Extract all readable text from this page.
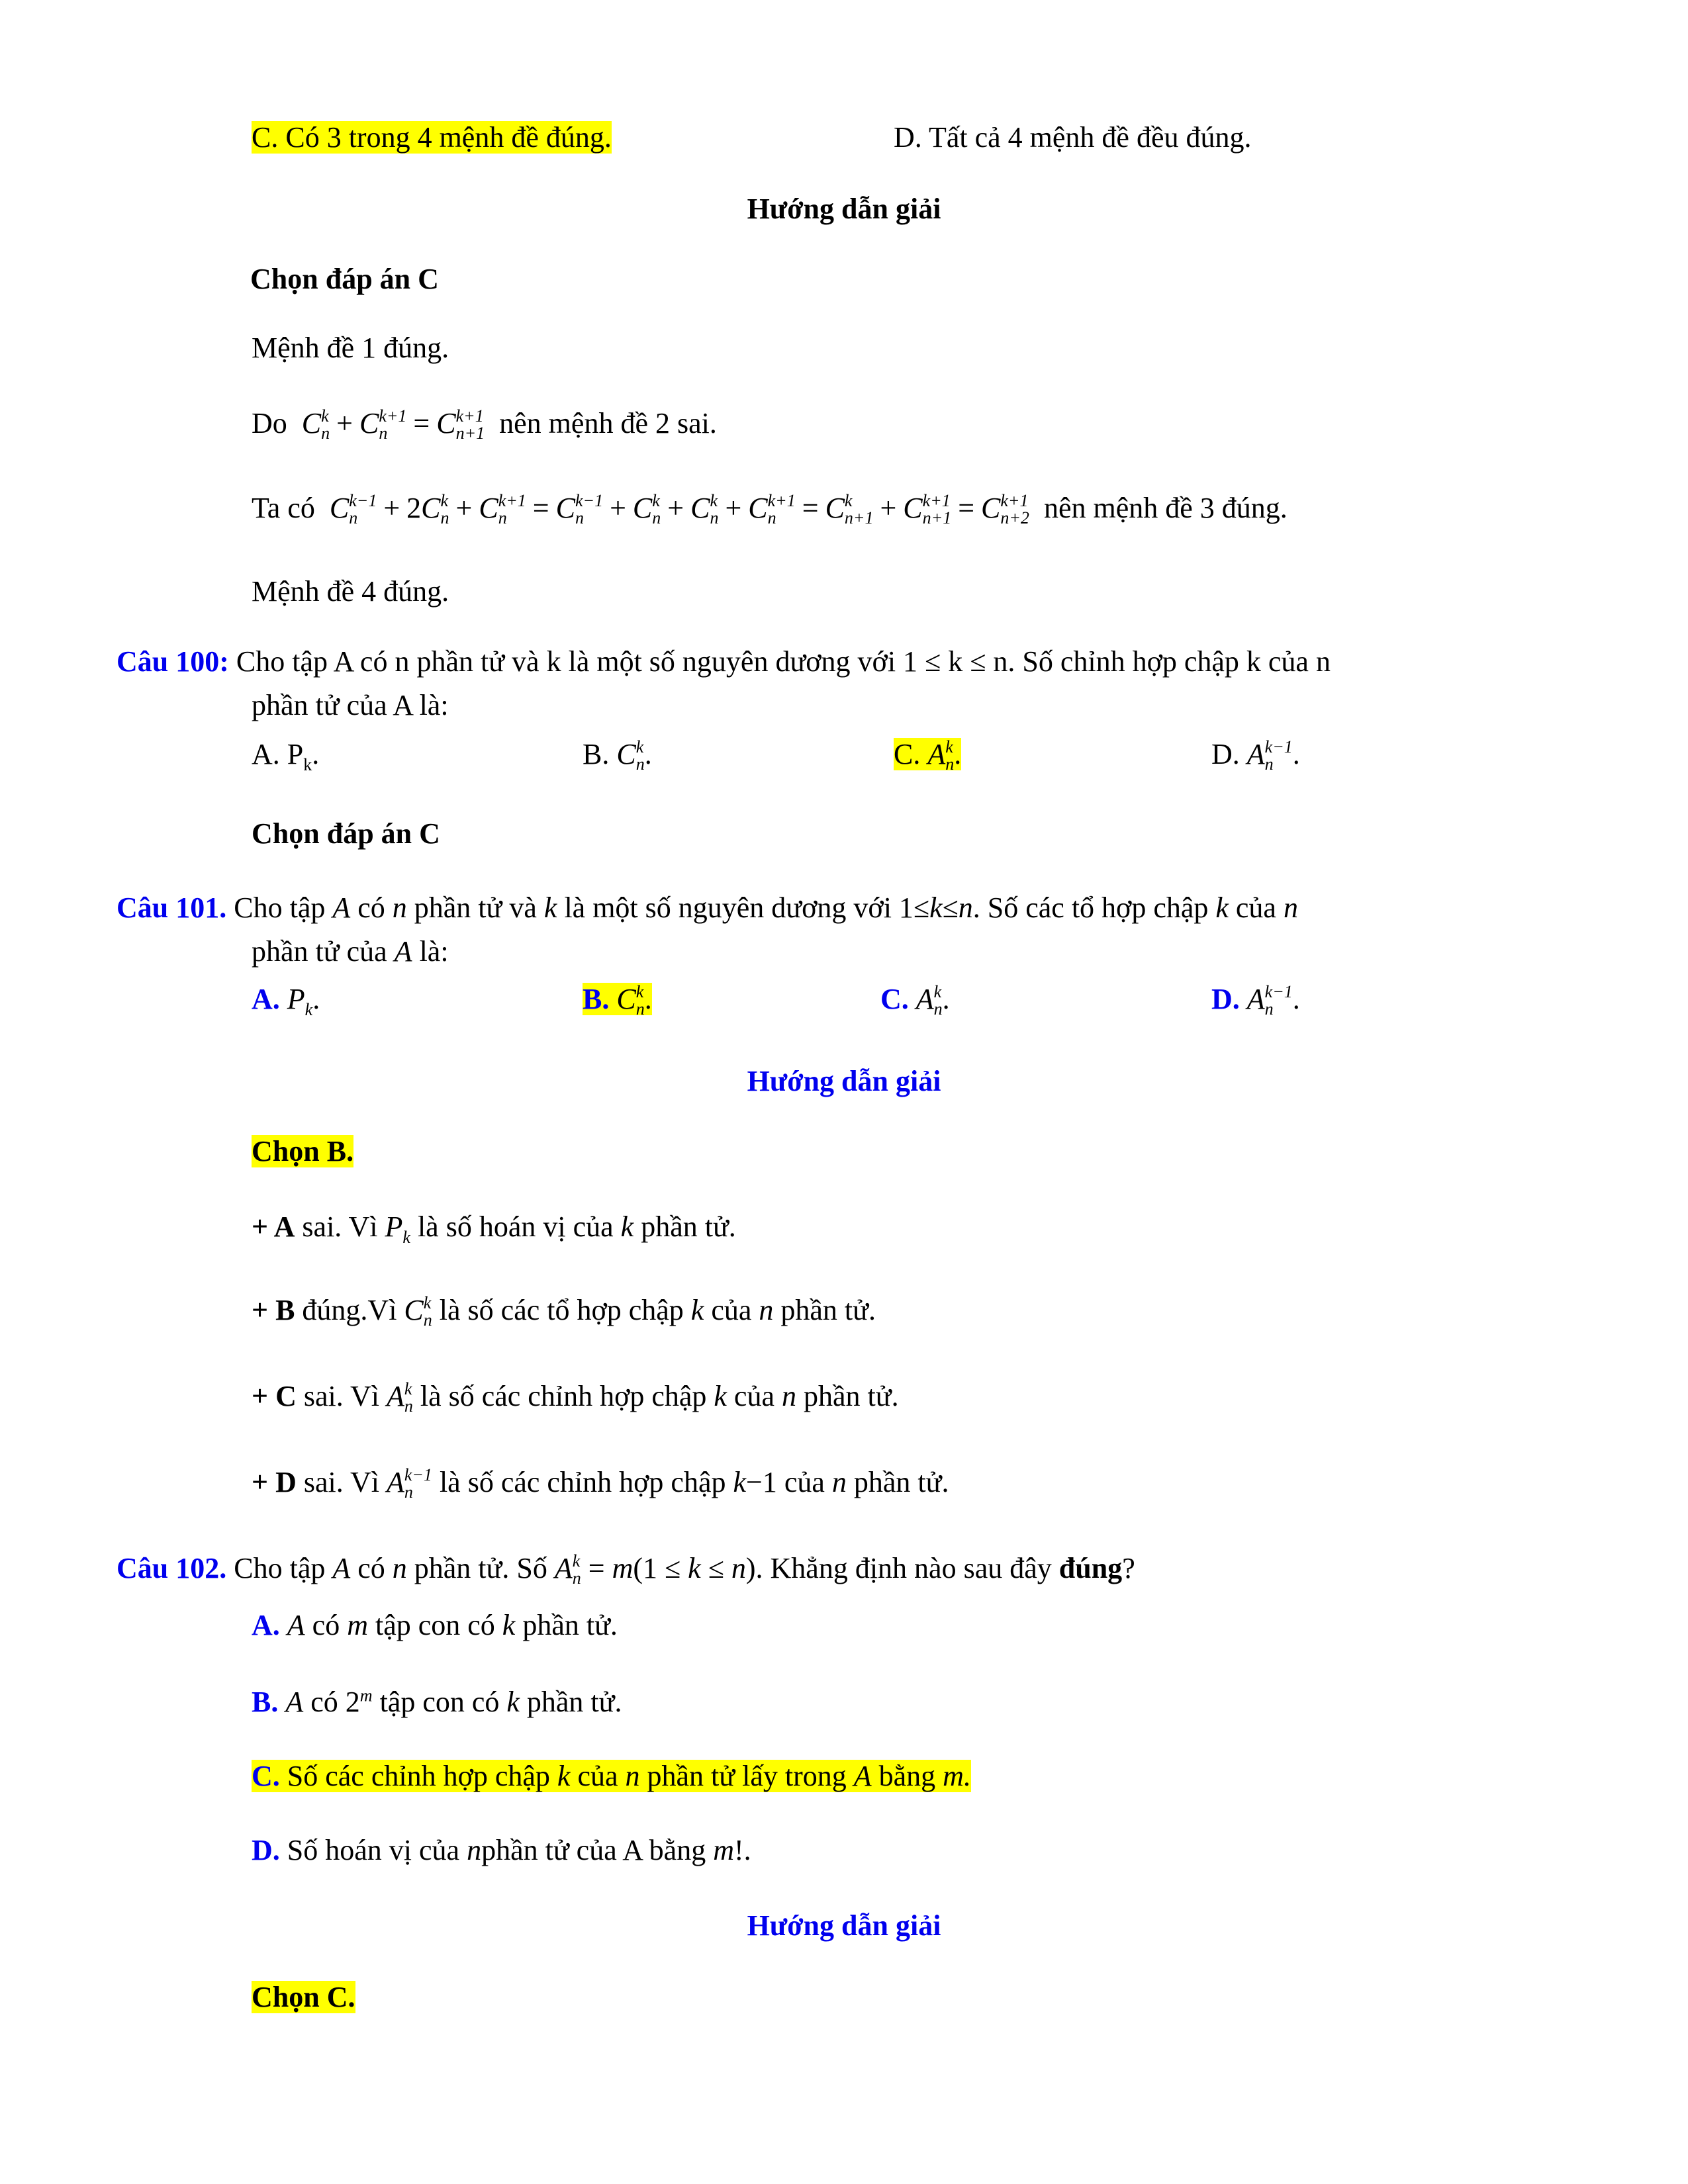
C. Có 3 trong 4 mệnh đề đúng.	D. Tất cả 4 mệnh đề đều đúng.
Hướng dẫn giải
Chọn đáp án C
Mệnh đề 1 đúng.
Do C k
n + C k+1
n = C k+1
n+1 nên mệnh đề 2 sai.
Ta có C k−1
n + 2C k
n + C k+1
n = C k−1
n + C k
n + C k
n + C k+1
n = C k
n+1 + C k+1
n+1 = C k+1
n+2 nên mệnh đề 3 đúng.
Mệnh đề 4 đúng.
Câu 100: Cho tập A có n phần tử và k là một số nguyên dương với 1 ≤ k ≤ n. Số chỉnh hợp chập k của n
phần tử của A là:
A. $P_k$.	B. C k
n .	C. A k
n .	D. A k−1
n .
Chọn đáp án C
Câu 101. Cho tập A có n phần tử và k là một số nguyên dương với 1≤k≤n. Số các tổ hợp chập k của n
phần tử của A là:
A. $P_k$.	B. C k
n .	C. A k
n .	D. A k−1
n .
Hướng dẫn giải
Chọn B.
+ A sai. Vì $P_k$ là số hoán vị của k phần tử.
+ B đúng.Vì C k
n là số các tổ hợp chập k của n phần tử.
+ C sai. Vì A k
n là số các chỉnh hợp chập k của n phần tử.
+ D sai. Vì A k−1
n là số các chỉnh hợp chập k−1 của n phần tử.
Câu 102. Cho tập A có n phần tử. Số A k
n = m(1 ≤ k ≤ n). Khẳng định nào sau đây đúng?
A. A có m tập con có k phần tử.
B. A có 2$^m$ tập con có k phần tử.
C. Số các chỉnh hợp chập k của n phần tử lấy trong A bằng m.
D. Số hoán vị của nphần tử của A bằng m!.
Hướng dẫn giải
Chọn C.
